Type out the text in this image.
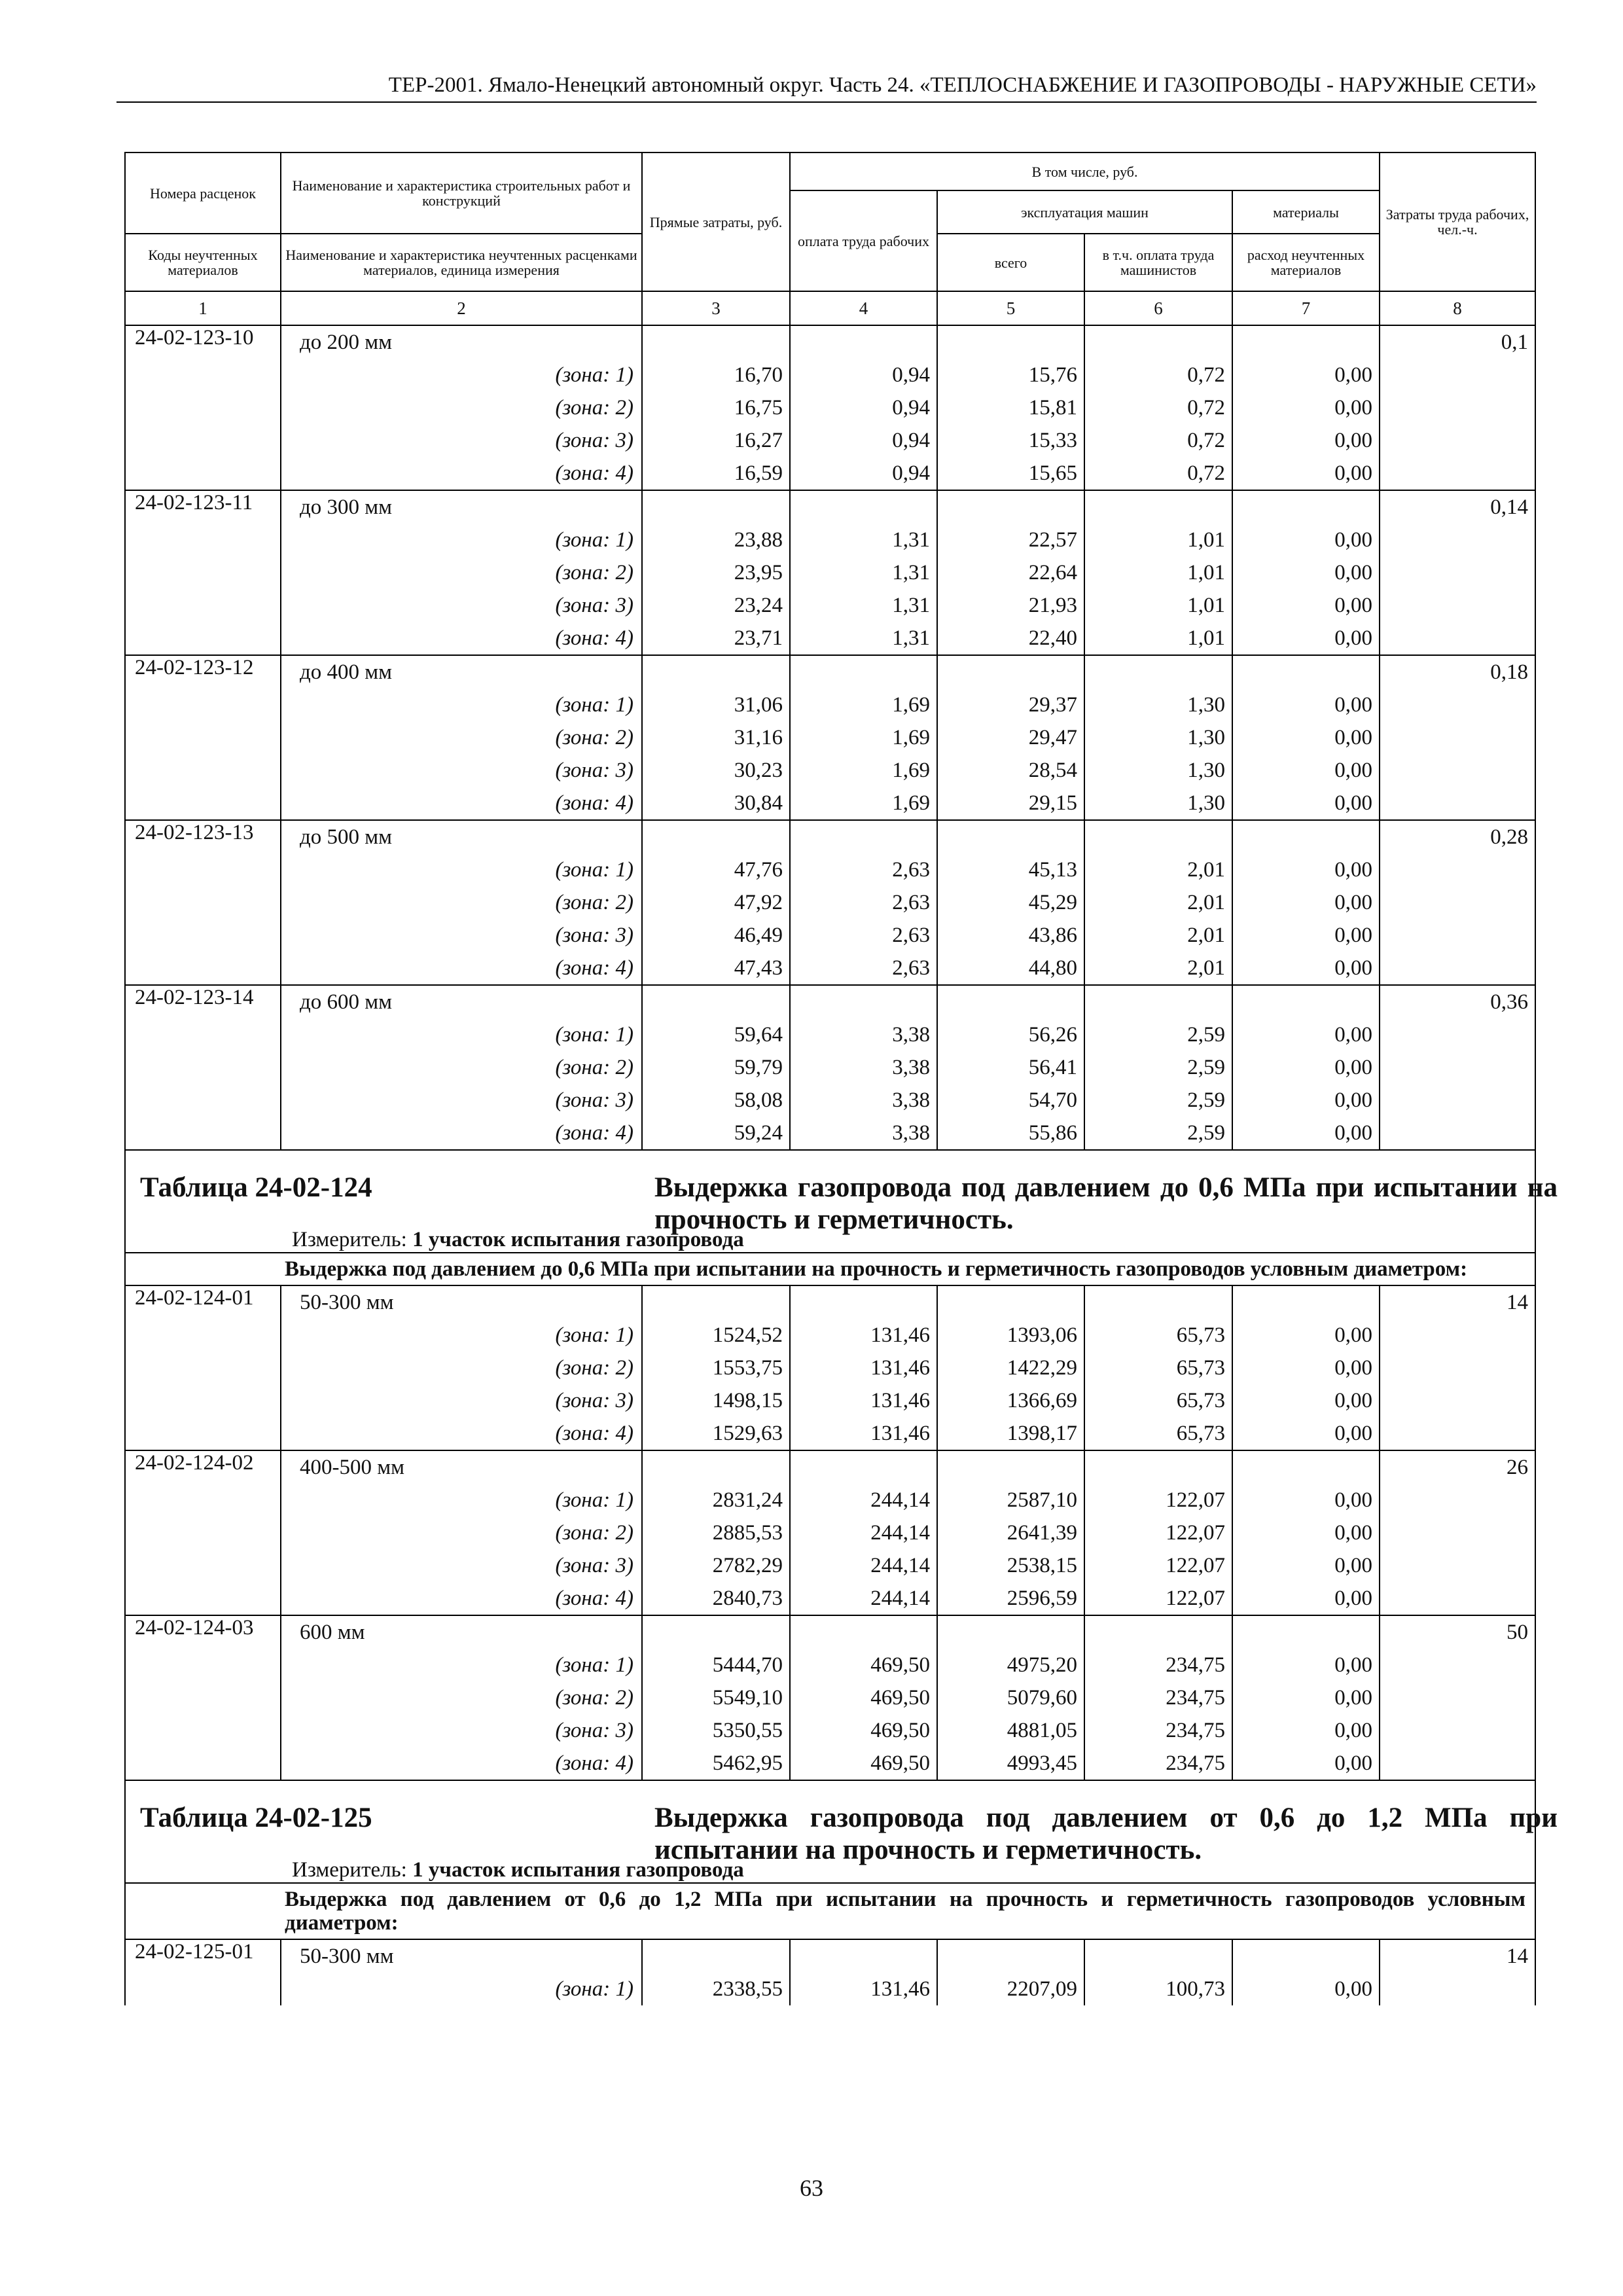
ТЕР-2001. Ямало-Ненецкий автономный округ. Часть 24. «ТЕПЛОСНАБЖЕНИЕ И ГАЗОПРОВОДЫ - НАРУЖНЫЕ СЕТИ»
Номера расценок	Наименование и характеристика строительных работ и конструкций	Прямые затраты, руб.	В том числе, руб.				Затраты труда рабочих, чел.-ч.
			оплата труда рабочих	эксплуатация машин		материалы	
Коды неучтенных материалов	Наименование и характеристика неучтенных расценками материалов, единица измерения			всего	в т.ч. оплата труда машинистов	расход неучтенных материалов	
1	2	3	4	5	6	7	8
24-02-123-10	до 200 мм						0,1
	(зона: 1)	16,70	0,94	15,76	0,72	0,00	
	(зона: 2)	16,75	0,94	15,81	0,72	0,00	
	(зона: 3)	16,27	0,94	15,33	0,72	0,00	
	(зона: 4)	16,59	0,94	15,65	0,72	0,00	
24-02-123-11	до 300 мм						0,14
	(зона: 1)	23,88	1,31	22,57	1,01	0,00	
	(зона: 2)	23,95	1,31	22,64	1,01	0,00	
	(зона: 3)	23,24	1,31	21,93	1,01	0,00	
	(зона: 4)	23,71	1,31	22,40	1,01	0,00	
24-02-123-12	до 400 мм						0,18
	(зона: 1)	31,06	1,69	29,37	1,30	0,00	
	(зона: 2)	31,16	1,69	29,47	1,30	0,00	
	(зона: 3)	30,23	1,69	28,54	1,30	0,00	
	(зона: 4)	30,84	1,69	29,15	1,30	0,00	
24-02-123-13	до 500 мм						0,28
	(зона: 1)	47,76	2,63	45,13	2,01	0,00	
	(зона: 2)	47,92	2,63	45,29	2,01	0,00	
	(зона: 3)	46,49	2,63	43,86	2,01	0,00	
	(зона: 4)	47,43	2,63	44,80	2,01	0,00	
24-02-123-14	до 600 мм						0,36
	(зона: 1)	59,64	3,38	56,26	2,59	0,00	
	(зона: 2)	59,79	3,38	56,41	2,59	0,00	
	(зона: 3)	58,08	3,38	54,70	2,59	0,00	
	(зона: 4)	59,24	3,38	55,86	2,59	0,00	

Таблица 24-02-124 Выдержка газопровода под давлением до 0,6 МПа при испытании на прочность и герметичность.
Измеритель: 1 участок испытания газопровода							

	Выдержка под давлением до 0,6 МПа при испытании на прочность и герметичность газопроводов условным диаметром:						
24-02-124-01	50-300 мм						14
	(зона: 1)	1524,52	131,46	1393,06	65,73	0,00	
	(зона: 2)	1553,75	131,46	1422,29	65,73	0,00	
	(зона: 3)	1498,15	131,46	1366,69	65,73	0,00	
	(зона: 4)	1529,63	131,46	1398,17	65,73	0,00	
24-02-124-02	400-500 мм						26
	(зона: 1)	2831,24	244,14	2587,10	122,07	0,00	
	(зона: 2)	2885,53	244,14	2641,39	122,07	0,00	
	(зона: 3)	2782,29	244,14	2538,15	122,07	0,00	
	(зона: 4)	2840,73	244,14	2596,59	122,07	0,00	
24-02-124-03	600 мм						50
	(зона: 1)	5444,70	469,50	4975,20	234,75	0,00	
	(зона: 2)	5549,10	469,50	5079,60	234,75	0,00	
	(зона: 3)	5350,55	469,50	4881,05	234,75	0,00	
	(зона: 4)	5462,95	469,50	4993,45	234,75	0,00	

Таблица 24-02-125 Выдержка газопровода под давлением от 0,6 до 1,2 МПа при испытании на прочность и герметичность.
Измеритель: 1 участок испытания газопровода							

	Выдержка под давлением от 0,6 до 1,2 МПа при испытании на прочность и герметичность газопроводов условным диаметром:						
24-02-125-01	50-300 мм						14
	(зона: 1)	2338,55	131,46	2207,09	100,73	0,00	
63
